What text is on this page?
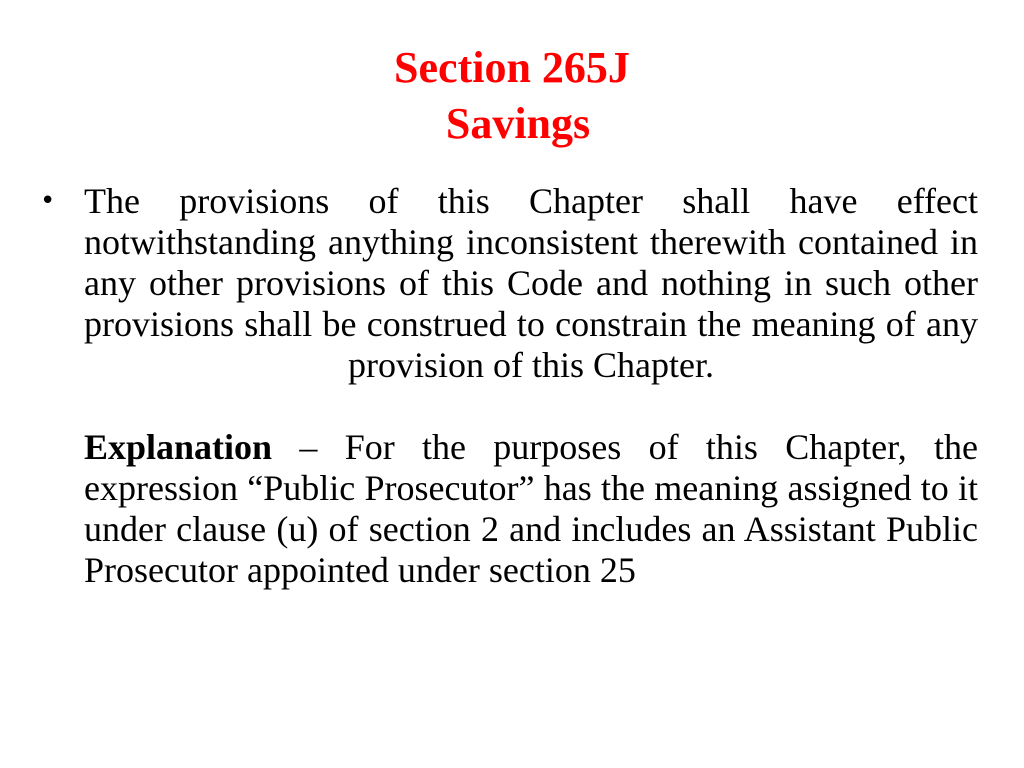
Section 265J
Savings
• The provisions of this Chapter shall have effect notwithstanding anything inconsistent therewith contained in any other provisions of this Code and nothing in such other provisions shall be construed to constrain the meaning of any provision of this Chapter.

Explanation – For the purposes of this Chapter, the expression “Public Prosecutor” has the meaning assigned to it under clause (u) of section 2 and includes an Assistant Public Prosecutor appointed under section 25
